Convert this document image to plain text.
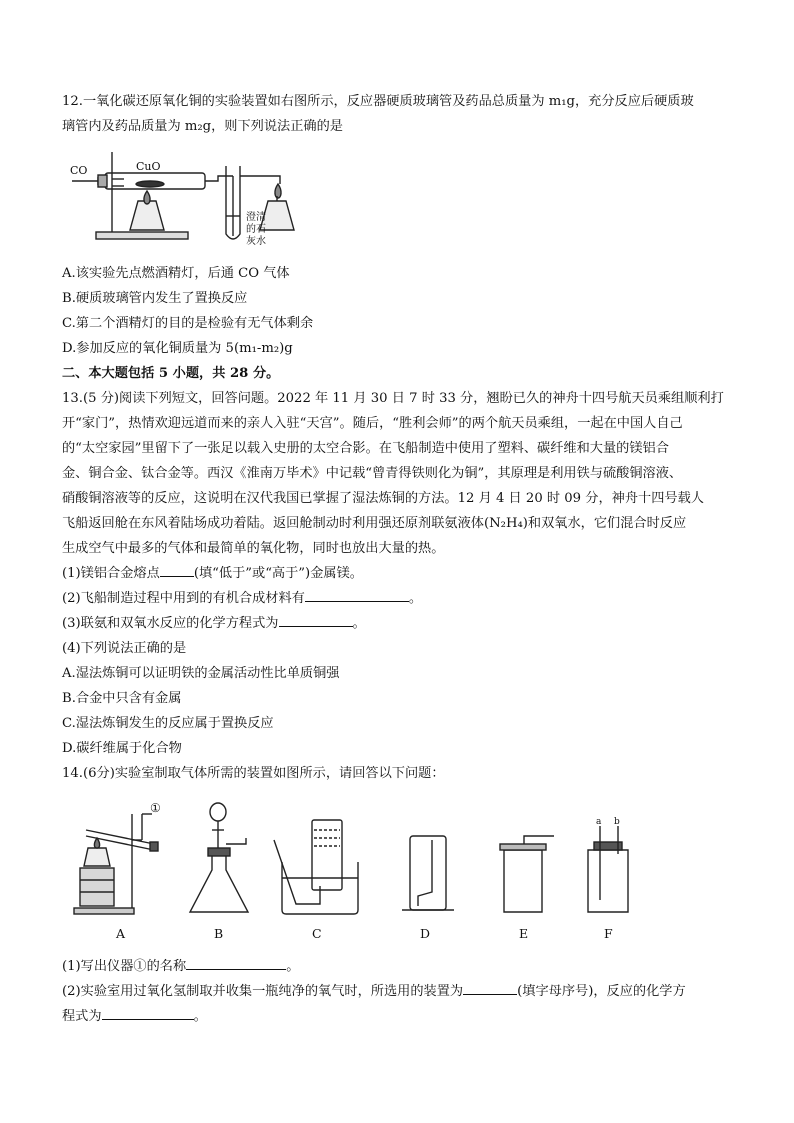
12.一氧化碳还原氧化铜的实验装置如右图所示，反应器硬质玻璃管及药品总质量为 m₁g，充分反应后硬质玻
璃管内及药品质量为 m₂g，则下列说法正确的是
CO	CuO
澄清
的石
灰水
A.该实验先点燃酒精灯，后通 CO 气体
B.硬质玻璃管内发生了置换反应
C.第二个酒精灯的目的是检验有无气体剩余
D.参加反应的氧化铜质量为 5(m₁-m₂)g
二、本大题包括 5 小题，共 28 分。
13.(5 分)阅读下列短文，回答问题。2022 年 11 月 30 日 7 时 33 分，翘盼已久的神舟十四号航天员乘组顺利打
开“家门”，热情欢迎远道而来的亲人入驻“天宫”。随后，“胜利会师”的两个航天员乘组，一起在中国人自己
的“太空家园”里留下了一张足以载入史册的太空合影。在飞船制造中使用了塑料、碳纤维和大量的镁铝合
金、铜合金、钛合金等。西汉《淮南万毕术》中记载“曾青得铁则化为铜”，其原理是利用铁与硫酸铜溶液、
硝酸铜溶液等的反应，这说明在汉代我国已掌握了湿法炼铜的方法。12 月 4 日 20 时 09 分，神舟十四号载人
飞船返回舱在东风着陆场成功着陆。返回舱制动时利用强还原剂联氨液体(N₂H₄)和双氧水，它们混合时反应
生成空气中最多的气体和最简单的氧化物，同时也放出大量的热。
(1)镁铝合金熔点	(填“低于”或“高于”)金属镁。
(2)飞船制造过程中用到的有机合成材料有	。
(3)联氨和双氧水反应的化学方程式为	。
(4)下列说法正确的是
A.湿法炼铜可以证明铁的金属活动性比单质铜强
B.合金中只含有金属
C.湿法炼铜发生的反应属于置换反应
D.碳纤维属于化合物
14.(6分)实验室制取气体所需的装置如图所示，请回答以下问题：
①
a b
A	B	C	D	E	F
(1)写出仪器①的名称	。
(2)实验室用过氧化氢制取并收集一瓶纯净的氧气时，所选用的装置为	(填字母序号)，反应的化学方
程式为	。
